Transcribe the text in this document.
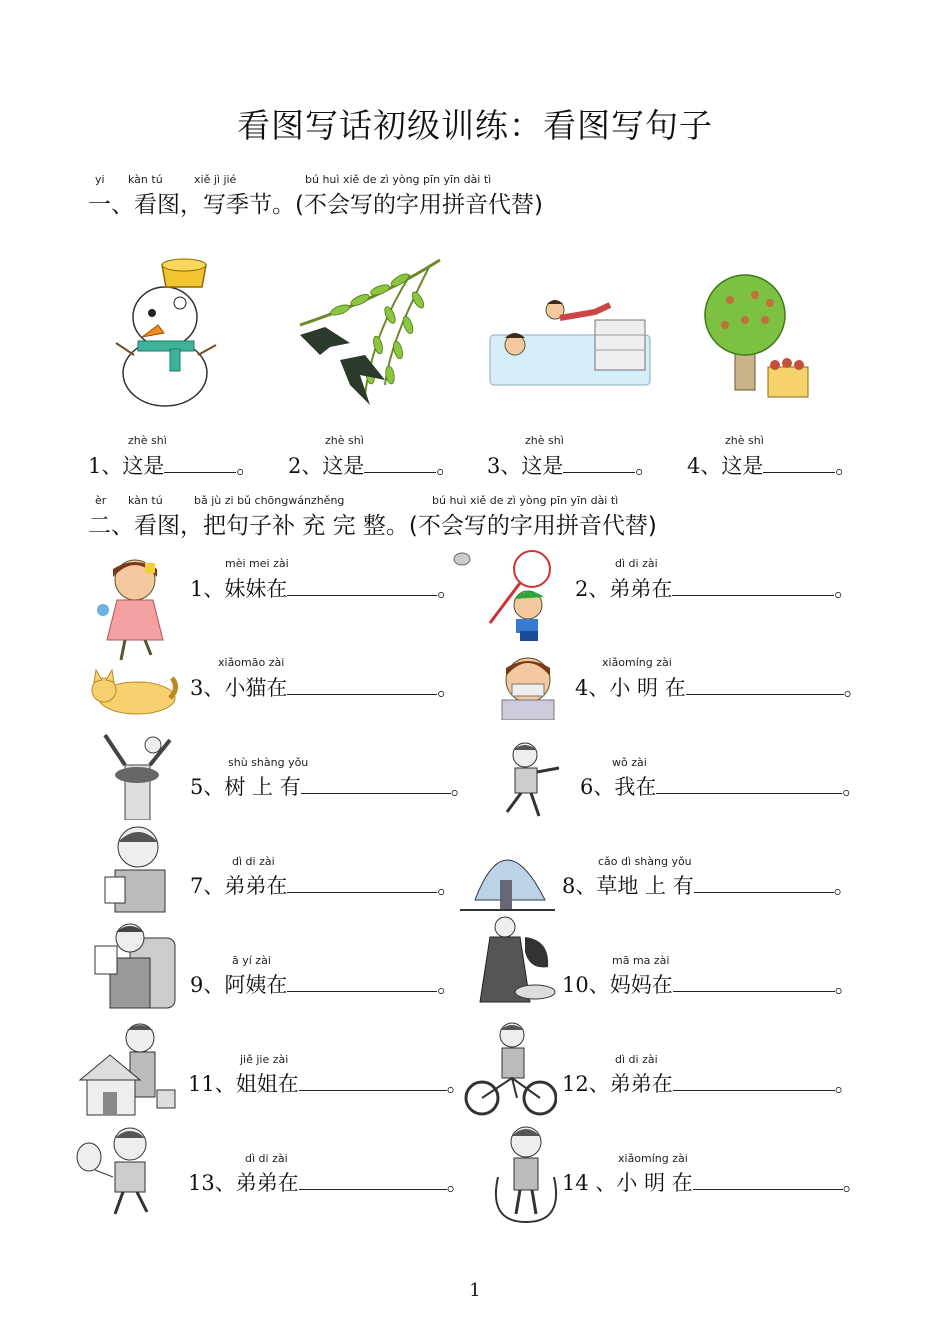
看图写话初级训练：看图写句子
yi kàn tú	xiě jì jié	bú huì xiě de zì yòng pīn yīn dài tì
一、看图，写季节。(不会写的字用拼音代替)
zhè shì
1、这是	。
zhè shì
2、这是	。
zhè shì
3、这是	。
zhè shì
4、这是	。
èr kàn tú	bǎ jù zi bǔ chōngwánzhěng	bú huì xiě de zì yòng pīn yīn dài tì
二、看图，把句子补 充 完 整。(不会写的字用拼音代替)
mèi mei zài
1、妹妹在	。
xiǎomāo zài
3、小猫在	。
shù shàng yǒu
5、树 上 有	。
dì di zài
7、弟弟在	。
ā yí zài
9、阿姨在	。
jiě jie zài
11、姐姐在	。
dì di zài
13、弟弟在	。
dì di zài
2、弟弟在	。
xiǎomíng zài
4、小 明 在	。
wǒ zài
6、我在	。
cǎo dì shàng yǒu
8、草地 上 有	。
mā ma zài
10、妈妈在	。
dì di zài
12、弟弟在	。
xiǎomíng zài
14 、小 明 在	。
1
